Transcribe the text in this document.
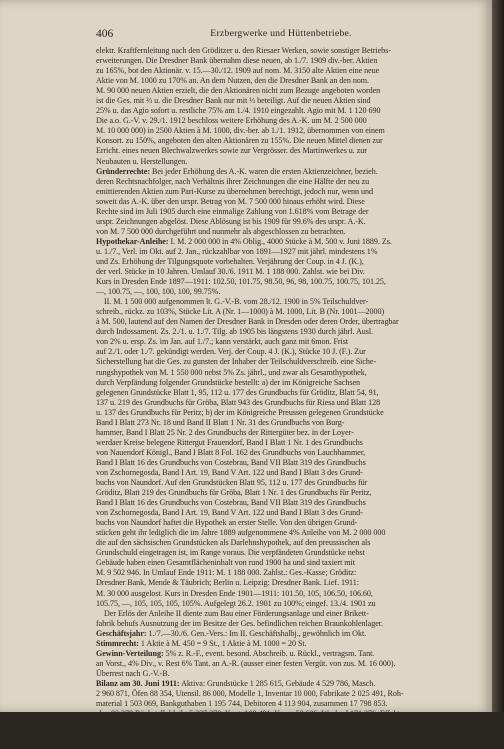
406	Erzbergwerke und Hüttenbetriebe.
elektr. Kraftfernleitung nach den Gröditzer u. den Riesaer Werken, sowie sonstiger Betriebs-
erweiterungen. Die Dresdner Bank übernahm diese neuen, ab 1./7. 1909 div.-ber. Aktien
zu 165%, bot den Aktionär. v. 15.—30./12. 1909 auf nom. M. 3150 alte Aktien eine neue
Aktie von M. 1000 zu 170% an. An dem Nutzen, den die Dresdner Bank an den nom.
M. 90 000 neuen Aktien erzielt, die den Aktionären nicht zum Bezuge angeboten worden
ist die Ges. mit ⅔ u. die Dresdner Bank nur mit ⅓ beteiligt. Auf die neuen Aktien sind
25% u. das Agio sofort u. restliche 75% am 1./4. 1910 eingezahlt. Agio mit M. 1 120 690
Die a.o. G.-V. v. 29./1. 1912 beschloss weitere Erhöhung des A.-K. um M. 2 500 000
M. 10 000 000) in 2500 Aktien à M. 1000, div.-ber. ab 1./1. 1912, übernommen von einem
Konsort. zu 150%, angeboten den alten Aktionären zu 155%. Die neuen Mittel dienen zur
Erricht. eines neuen Blechwalzwerkes sowie zur Vergrösser. des Martinwerkes u. zur
Neubauten u. Herstellungen.
Gründerrechte: Bei jeder Erhöhung des A.-K. waren die ersten Aktienzeichner, bezieh.
deren Rechtsnachfolger, nach Verhältnis ihrer Zeichnungen die eine Hälfte der neu zu
emittierenden Aktien zum Pari-Kurse zu übernehmen berechtigt, jedoch nur, wenn und
soweit das A.-K. über den urspr. Betrag von M. 7 500 000 hinaus erhöht wird. Diese
Rechte sind im Juli 1905 durch eine einmalige Zahlung von 1.618% vom Betrage der
urspr. Zeichnungen abgelöst. Diese Ablösung ist bis 1909 für 99.6% des urspr. A.-K.
von M. 7 500 000 durchgeführt und nunmehr als abgeschlossen zu betrachten.
Hypothekar-Anleihe: I. M. 2 000 000 in 4% Oblig., 4000 Stücke à M. 500 v. Juni 1889. Zs.
u. 1./7., Verl. im Okt. auf 2. Jan., rückzahlbar von 1891—1927 mit jährl. mindestens 1%
und Zs. Erhöhung der Tilgungsquote vorbehalten. Verjährung der Coup. in 4 J. (K.),
der verl. Stücke in 10 Jahren. Umlauf 30./6. 1911 M. 1 188 000. Zahlst. wie bei Div.
Kurs in Dresden Ende 1897—1911: 102.50, 101.75, 98.50, 96, 98, 100.75, 100.75, 101.25,
—, 100.75, —, 100, 100, 100, 99.75%.
II. M. 1 500 000 aufgenommen lt. G.-V.-B. vom 28./12. 1900 in 5% Teilschuldver-
schreib., rückz. zu 103%, Stücke Lit. A (Nr. 1—1000) à M. 1000, Lit. B (Nr. 1001—2000)
à M. 500, lautend auf den Namen der Dresdner Bank in Dresden oder deren Order, übertragbar
durch Indossament. Zs. 2./1. u. 1./7. Tilg. ab 1905 bis längstens 1930 durch jährl. Ausl.
von 2% u. ersp. Zs. im Jan. auf 1./7.; kann verstärkt, auch ganz mit 6mon. Frist
auf 2./1. oder 1./7. gekündigt werden. Verj. der Coup. 4 J. (K.), Stücke 10 J. (F.). Zur
Sicherstellung hat die Ges. zu gunsten der Inhaber der Teilschuldverschreib. eine Siche-
rungshypothek von M. 1 550 000 nebst 5% Zs. jährl., und zwar als Gesamthypothek,
durch Verpfändung folgender Grundstücke bestellt: a) der im Königreiche Sachsen
gelegenen Grundstücke Blatt 1, 95, 112 u. 177 des Grundbuchs für Gröditz, Blatt 54, 91,
137 u. 219 des Grundbuchs für Gröba, Blatt 943 des Grundbuchs für Riesa und Blatt 128
u. 137 des Grundbuchs für Peritz; b) der im Königreiche Preussen gelegenen Grundstücke
Band I Blatt 273 Nr. 18 und Band II Blatt 1 Nr. 31 des Grundbuchs von Burg-
hammer, Band I Blatt 25 Nr. 2 des Grundbuchs der Rittergüter bez. in der Loyer-
werdaer Kreise belegene Rittergut Frauendorf, Band I Blatt 1 Nr. 1 des Grundbuchs
von Nauendorf Königl., Band I Blatt 8 Fol. 162 des Grundbuchs von Lauchhammer,
Band I Blatt 16 des Grundbuchs von Costebrau, Band VII Blatt 319 des Grundbuchs
von Zschornegosda, Band I Art. 19, Band V Art. 122 und Band I Blatt 3 des Grund-
buchs von Naundorf. Auf den Grundstücken Blatt 95, 112 u. 177 des Grundbuchs für
Gröditz, Blatt 219 des Grundbuchs für Gröba, Blatt 1 Nr. 1 des Grundbuchs für Peritz,
Band I Blatt 16 des Grundbuchs von Costebrau, Band VII Blatt 319 des Grundbuchs
von Zschornegosda, Band I Art. 19, Band V Art. 122 und Band I Blatt 3 des Grund-
buchs von Naundorf haftet die Hypothek an erster Stelle. Von den übrigen Grund-
stücken geht ihr lediglich die im Jahre 1889 aufgenommene 4% Anleihe von M. 2 000 000
die auf den sächsischen Grundstücken als Darlehnshypothek, auf den preussischen als
Grundschuld eingetragen ist, im Range voraus. Die verpfändeten Grundstücke nebst
Gebäude haben einen Gesamtflächeninhalt von rund 1900 ha und sind taxiert mit
M. 9 502 946. In Umlauf Ende 1911: M. 1 188 000. Zahlst.: Ges.-Kasse; Gröditz:
Dresdner Bank, Mende & Täubrich; Berlin u. Leipzig: Dresdner Bank. Lief. 1911:
M. 30 000 ausgelost. Kurs in Dresden Ende 1901—1911: 101.50, 105, 106.50, 106.60,
105.75, —, 105, 105, 105, 105%. Aufgelegt 26.2. 1901 zu 100%; eingef. 13./4. 1901 zu
Der Erlös der Anleihe II diente zum Bau einer Förderungsanlage und einer Brikett-
fabrik behufs Ausnutzung der im Besitze der Ges. befindlichen reichen Braunkohlenlager.
Geschäftsjahr: 1./7.—30./6. Gen.-Vers.: Im II. Geschäftshalbj., gewöhnlich im Okt.
Stimmrecht: 1 Aktie à M. 450 = 9 St., 1 Aktie à M. 1000 = 20 St.
Gewinn-Verteilung: 5% z. R.-F., event. besond. Abschreib. u. Rückl., vertragsm. Tant.
an Vorst., 4% Div., v. Rest 6% Tant. an A.-R. (ausser einer festen Vergüt. von zus. M. 16 000).
Überrest nach G.-V.-B.
Bilanz am 30. Juni 1911: Aktiva: Grundstücke 1 285 615, Gebäude 4 529 786, Masch.
2 960 871, Öfen 88 354, Utensil. 86 000, Modelle 1, Inventar 10 000, Fabrikate 2 025 491, Roh-
material 1 503 069, Bankguthaben 1 195 744, Debitoren 4 113 904, zusammen 17 798 853.
abz. 82 278 Rückstell. bleibt 5 227 370, Kaut. 108 491, Kasse 50 686, Wechsel 171 276, Effekten
1 119 194. Hypoth. 89 576, Betei. 111 050. — Passiva: A.-K. 7 500 000, Oblig. I 1 188 000, Teil-
schuldverschreib. 1 188 000, do. Zs.-Kto 21 465, Kredit. 3 571 046, Gustav Hartmann-Stift. für
Beamte 390 633 (Rückl. 25 000), do. Arb. 345 738 (Rückl. 50 000), Kaut. 107 950, R.-F. I 1 000 000,
